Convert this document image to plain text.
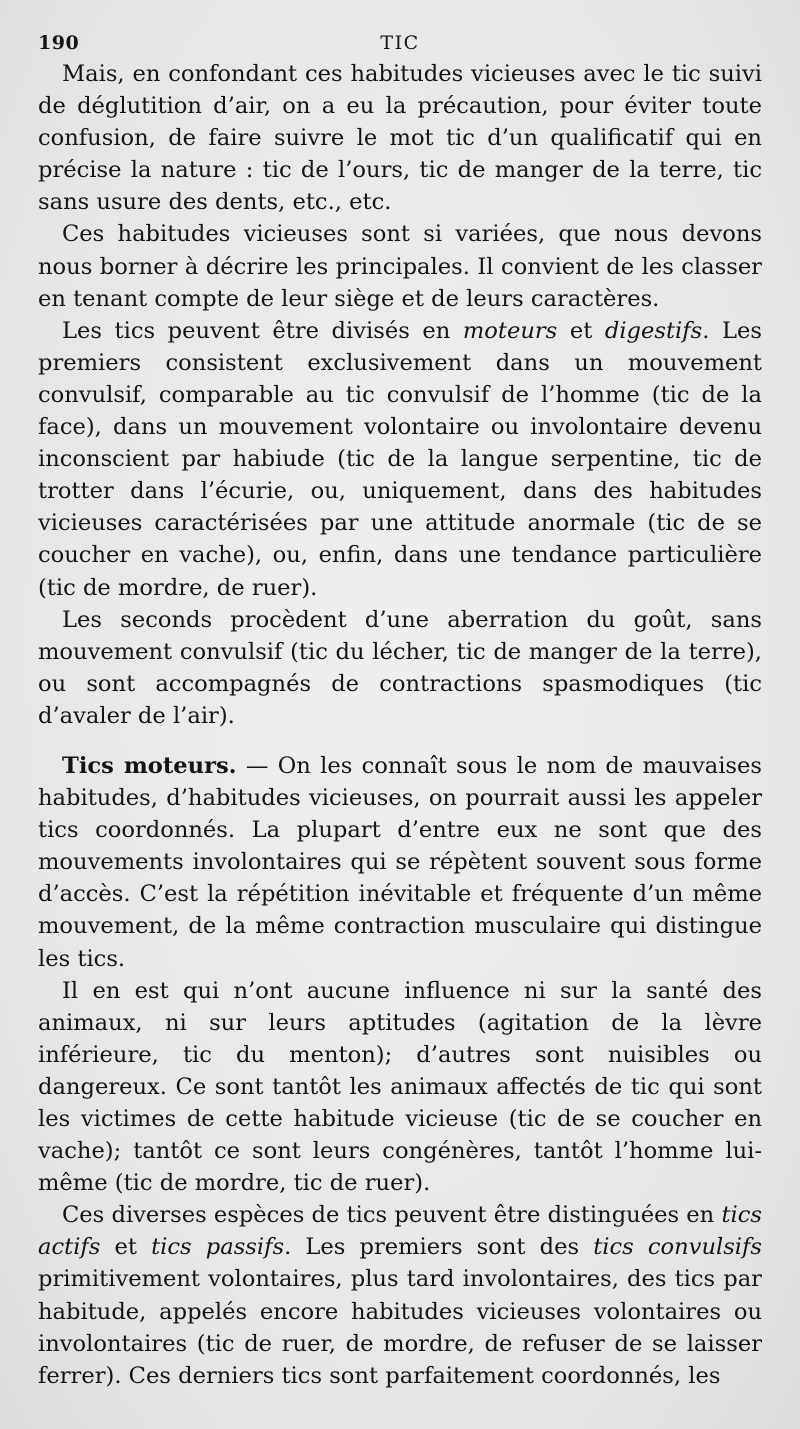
190	TIC

Mais, en confondant ces habitudes vicieuses avec le tic suivi de déglutition d’air, on a eu la précaution, pour éviter toute confusion, de faire suivre le mot tic d’un qualificatif qui en précise la nature : tic de l’ours, tic de manger de la terre, tic sans usure des dents, etc., etc.

Ces habitudes vicieuses sont si variées, que nous devons nous borner à décrire les principales. Il convient de les classer en tenant compte de leur siège et de leurs caractères.

Les tics peuvent être divisés en moteurs et digestifs. Les premiers consistent exclusivement dans un mouvement convulsif, comparable au tic convulsif de l’homme (tic de la face), dans un mouvement volontaire ou involontaire devenu inconscient par habiude (tic de la langue serpentine, tic de trotter dans l’écurie, ou, uniquement, dans des habitudes vicieuses caractérisées par une attitude anormale (tic de se coucher en vache), ou, enfin, dans une tendance particulière (tic de mordre, de ruer).

Les seconds procèdent d’une aberration du goût, sans mouvement convulsif (tic du lécher, tic de manger de la terre), ou sont accompagnés de contractions spasmodiques (tic d’avaler de l’air).

Tics moteurs. — On les connaît sous le nom de mauvaises habitudes, d’habitudes vicieuses, on pourrait aussi les appeler tics coordonnés. La plupart d’entre eux ne sont que des mouvements involontaires qui se répètent souvent sous forme d’accès. C’est la répétition inévitable et fréquente d’un même mouvement, de la même contraction musculaire qui distingue les tics.

Il en est qui n’ont aucune influence ni sur la santé des animaux, ni sur leurs aptitudes (agitation de la lèvre inférieure, tic du menton); d’autres sont nuisibles ou dangereux. Ce sont tantôt les animaux affectés de tic qui sont les victimes de cette habitude vicieuse (tic de se coucher en vache); tantôt ce sont leurs congénères, tantôt l’homme lui-même (tic de mordre, tic de ruer).

Ces diverses espèces de tics peuvent être distinguées en tics actifs et tics passifs. Les premiers sont des tics convulsifs primitivement volontaires, plus tard involontaires, des tics par habitude, appelés encore habitudes vicieuses volontaires ou involontaires (tic de ruer, de mordre, de refuser de se laisser ferrer). Ces derniers tics sont parfaitement coordonnés, les
